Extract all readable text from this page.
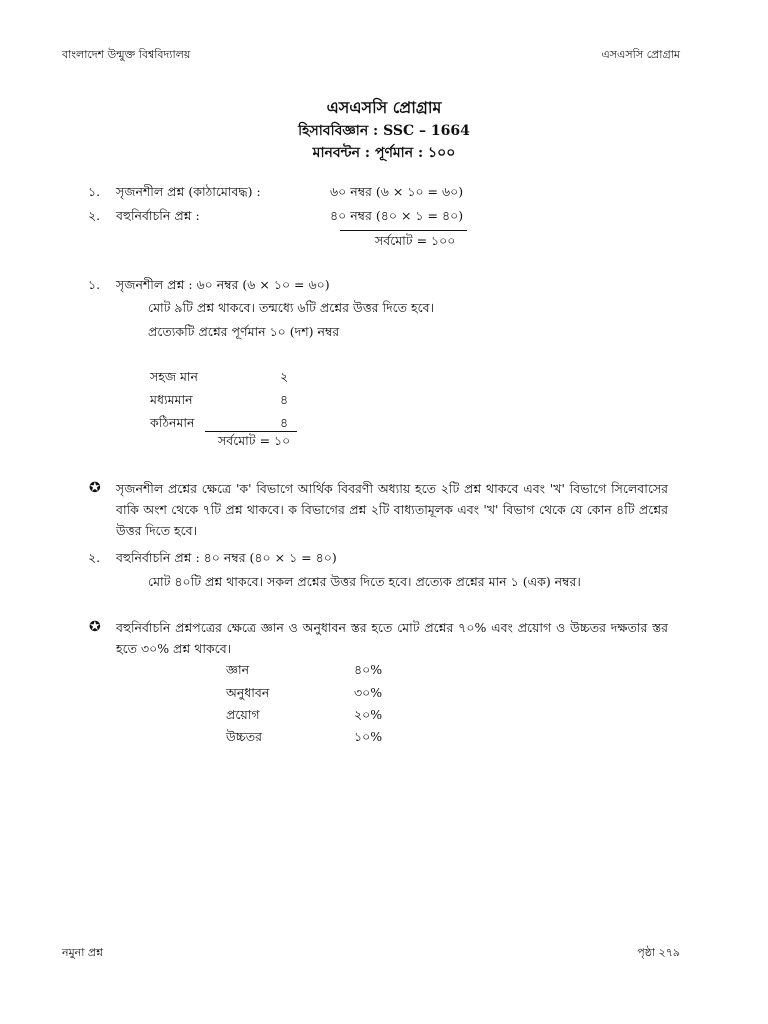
বাংলাদেশ উন্মুক্ত বিশ্ববিদ্যালয়	এসএসসি প্রোগ্রাম
এসএসসি প্রোগ্রাম
হিসাববিজ্ঞান : SSC – 1664
মানবন্টন : পূর্ণমান : ১০০
১. সৃজনশীল প্রশ্ন (কাঠামোবদ্ধ) :	৬০ নম্বর (৬ × ১০ = ৬০)
২. বহুনির্বাচনি প্রশ্ন :	৪০ নম্বর (৪০ × ১ = ৪০)
সর্বমোট = ১০০
১. সৃজনশীল প্রশ্ন : ৬০ নম্বর (৬ × ১০ = ৬০)
মোট ৯টি প্রশ্ন থাকবে। তন্মধ্যে ৬টি প্রশ্নের উত্তর দিতে হবে।
প্রত্যেকটি প্রশ্নের পূর্ণমান ১০ (দশ) নম্বর
সহজ মান	২
মধ্যমমান	৪
কঠিনমান	৪
সর্বমোট = ১০
✪ সৃজনশীল প্রশ্নের ক্ষেত্রে 'ক' বিভাগে আর্থিক বিবরণী অধ্যায় হতে ২টি প্রশ্ন থাকবে এবং 'খ' বিভাগে সিলেবাসের বাকি অংশ থেকে ৭টি প্রশ্ন থাকবে। ক বিভাগের প্রশ্ন ২টি বাধ্যতামূলক এবং 'খ' বিভাগ থেকে যে কোন ৪টি প্রশ্নের উত্তর দিতে হবে।
২. বহুনির্বাচনি প্রশ্ন : ৪০ নম্বর (৪০ × ১ = ৪০)
মোট ৪০টি প্রশ্ন থাকবে। সকল প্রশ্নের উত্তর দিতে হবে। প্রত্যেক প্রশ্নের মান ১ (এক) নম্বর।
✪ বহুনির্বাচনি প্রশ্নপত্রের ক্ষেত্রে জ্ঞান ও অনুধাবন স্তর হতে মোট প্রশ্নের ৭০% এবং প্রয়োগ ও উচ্চতর দক্ষতার স্তর হতে ৩০% প্রশ্ন থাকবে।
জ্ঞান	৪০%
অনুধাবন	৩০%
প্রয়োগ	২০%
উচ্চতর	১০%
নমুনা প্রশ্ন	পৃষ্ঠা ২৭৯
